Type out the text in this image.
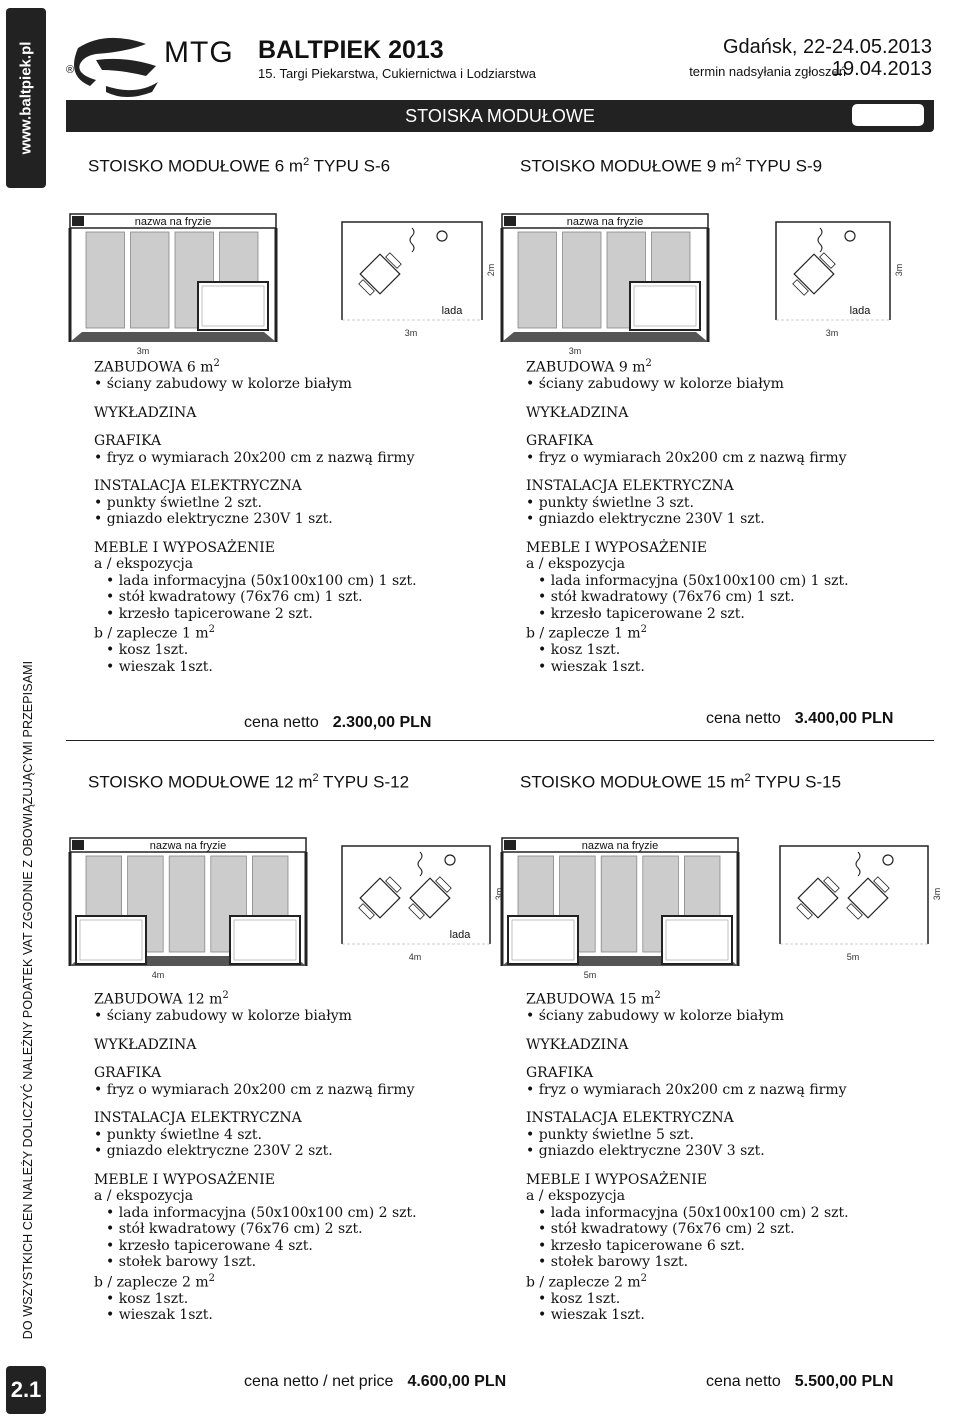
www.baltpiek.pl
DO WSZYSTKICH CEN NALEŻY DOLICZYĆ NALEŻNY PODATEK VAT ZGODNIE Z OBOWIĄZUJĄCYMI PRZEPISAMI
2.1
®
MTG BALTPIEK 2013
15. Targi Piekarstwa, Cukiernictwa i Lodziarstwa
Gdańsk, 22-24.05.2013
termin nadsyłania zgłoszeń
19.04.2013
STOISKA MODUŁOWE
STOISKO MODUŁOWE 6 $m^2$ TYPU S-6
nazwa na fryzie
3m
lada
3m
2m
ZABUDOWA 6 $m^2$
• ściany zabudowy w kolorze białym
WYKŁADZINA
GRAFIKA
• fryz o wymiarach 20x200 cm z nazwą firmy
INSTALACJA ELEKTRYCZNA
• punkty świetlne 2 szt.
• gniazdo elektryczne 230V 1 szt.
MEBLE I WYPOSAŻENIE
a / ekspozycja
• lada informacyjna (50x100x100 cm) 1 szt.
• stół kwadratowy (76x76 cm) 1 szt.
• krzesło tapicerowane 2 szt.
b / zaplecze 1 $m^2$
• kosz 1szt.
• wieszak 1szt.
cena netto 2.300,00 PLN
STOISKO MODUŁOWE 9 $m^2$ TYPU S-9
nazwa na fryzie
3m
lada
3m
3m
ZABUDOWA 9 $m^2$
• ściany zabudowy w kolorze białym
WYKŁADZINA
GRAFIKA
• fryz o wymiarach 20x200 cm z nazwą firmy
INSTALACJA ELEKTRYCZNA
• punkty świetlne 3 szt.
• gniazdo elektryczne 230V 1 szt.
MEBLE I WYPOSAŻENIE
a / ekspozycja
• lada informacyjna (50x100x100 cm) 1 szt.
• stół kwadratowy (76x76 cm) 1 szt.
• krzesło tapicerowane 2 szt.
b / zaplecze 1 $m^2$
• kosz 1szt.
• wieszak 1szt.
cena netto 3.400,00 PLN
STOISKO MODUŁOWE 12 $m^2$ TYPU S-12
nazwa na fryzie
4m
lada
4m
3m
ZABUDOWA 12 $m^2$
• ściany zabudowy w kolorze białym
WYKŁADZINA
GRAFIKA
• fryz o wymiarach 20x200 cm z nazwą firmy
INSTALACJA ELEKTRYCZNA
• punkty świetlne 4 szt.
• gniazdo elektryczne 230V 2 szt.
MEBLE I WYPOSAŻENIE
a / ekspozycja
• lada informacyjna (50x100x100 cm) 2 szt.
• stół kwadratowy (76x76 cm) 2 szt.
• krzesło tapicerowane 4 szt.
• stołek barowy 1szt.
b / zaplecze 2 $m^2$
• kosz 1szt.
• wieszak 1szt.
cena netto / net price 4.600,00 PLN
STOISKO MODUŁOWE 15 $m^2$ TYPU S-15
nazwa na fryzie
5m
5m
3m
ZABUDOWA 15 $m^2$
• ściany zabudowy w kolorze białym
WYKŁADZINA
GRAFIKA
• fryz o wymiarach 20x200 cm z nazwą firmy
INSTALACJA ELEKTRYCZNA
• punkty świetlne 5 szt.
• gniazdo elektryczne 230V 3 szt.
MEBLE I WYPOSAŻENIE
a / ekspozycja
• lada informacyjna (50x100x100 cm) 2 szt.
• stół kwadratowy (76x76 cm) 2 szt.
• krzesło tapicerowane 6 szt.
• stołek barowy 1szt.
b / zaplecze 2 $m^2$
• kosz 1szt.
• wieszak 1szt.
cena netto 5.500,00 PLN
